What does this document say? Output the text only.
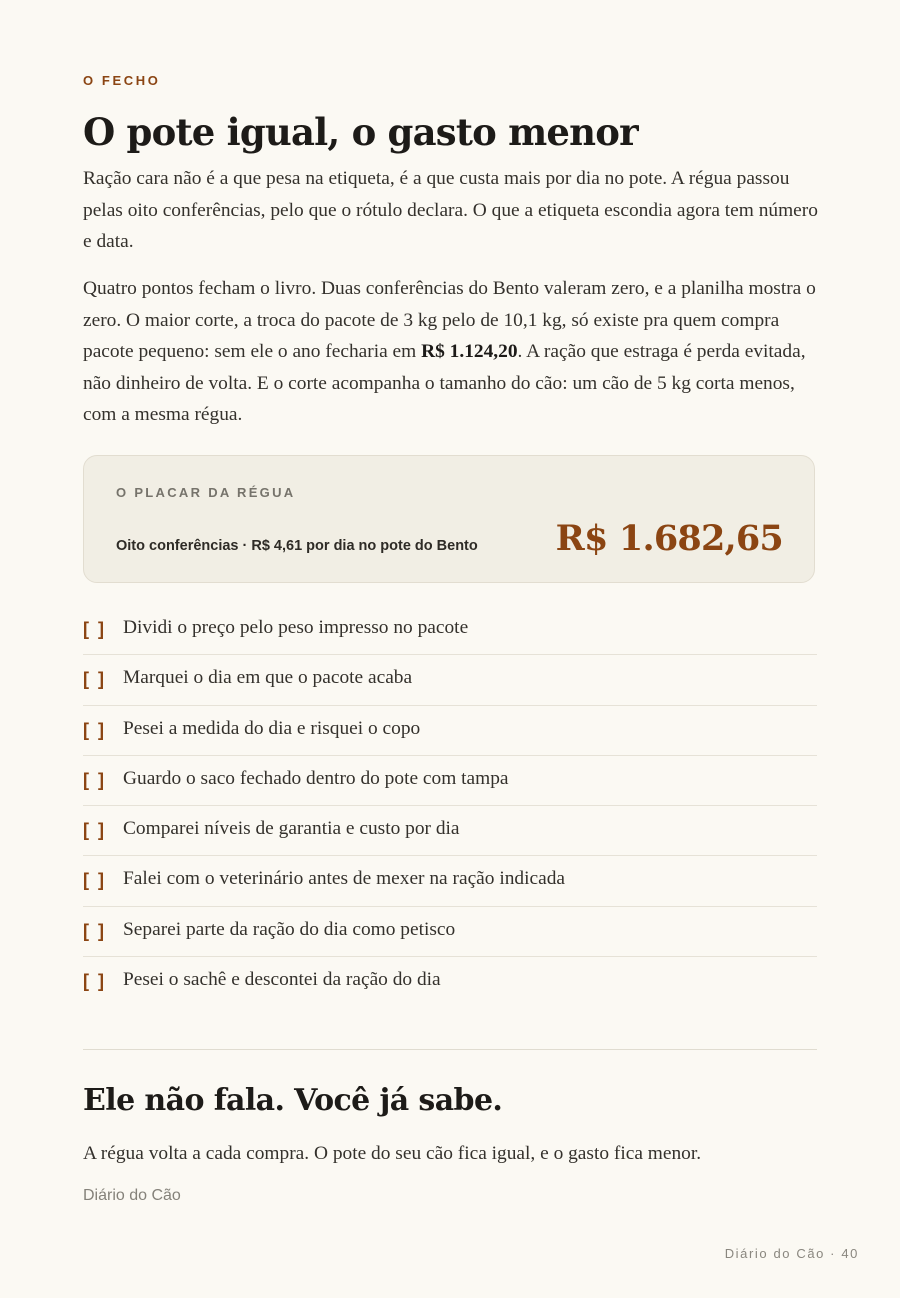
O FECHO
O pote igual, o gasto menor

Ração cara não é a que pesa na etiqueta, é a que custa mais por dia no pote. A régua passou pelas oito conferências, pelo que o rótulo declara. O que a etiqueta escondia agora tem número e data.

Quatro pontos fecham o livro. Duas conferências do Bento valeram zero, e a planilha mostra o zero. O maior corte, a troca do pacote de 3 kg pelo de 10,1 kg, só existe pra quem compra pacote pequeno: sem ele o ano fecharia em R$ 1.124,20. A ração que estraga é perda evitada, não dinheiro de volta. E o corte acompanha o tamanho do cão: um cão de 5 kg corta menos, com a mesma régua.

O PLACAR DA RÉGUA
Oito conferências · R$ 4,61 por dia no pote do Bento R$ 1.682,65
[ ] Dividi o preço pelo peso impresso no pacote
[ ] Marquei o dia em que o pacote acaba
[ ] Pesei a medida do dia e risquei o copo
[ ] Guardo o saco fechado dentro do pote com tampa
[ ] Comparei níveis de garantia e custo por dia
[ ] Falei com o veterinário antes de mexer na ração indicada
[ ] Separei parte da ração do dia como petisco
[ ] Pesei o sachê e descontei da ração do dia
Ele não fala. Você já sabe.

A régua volta a cada compra. O pote do seu cão fica igual, e o gasto fica menor.

Diário do Cão
Diário do Cão · 40
